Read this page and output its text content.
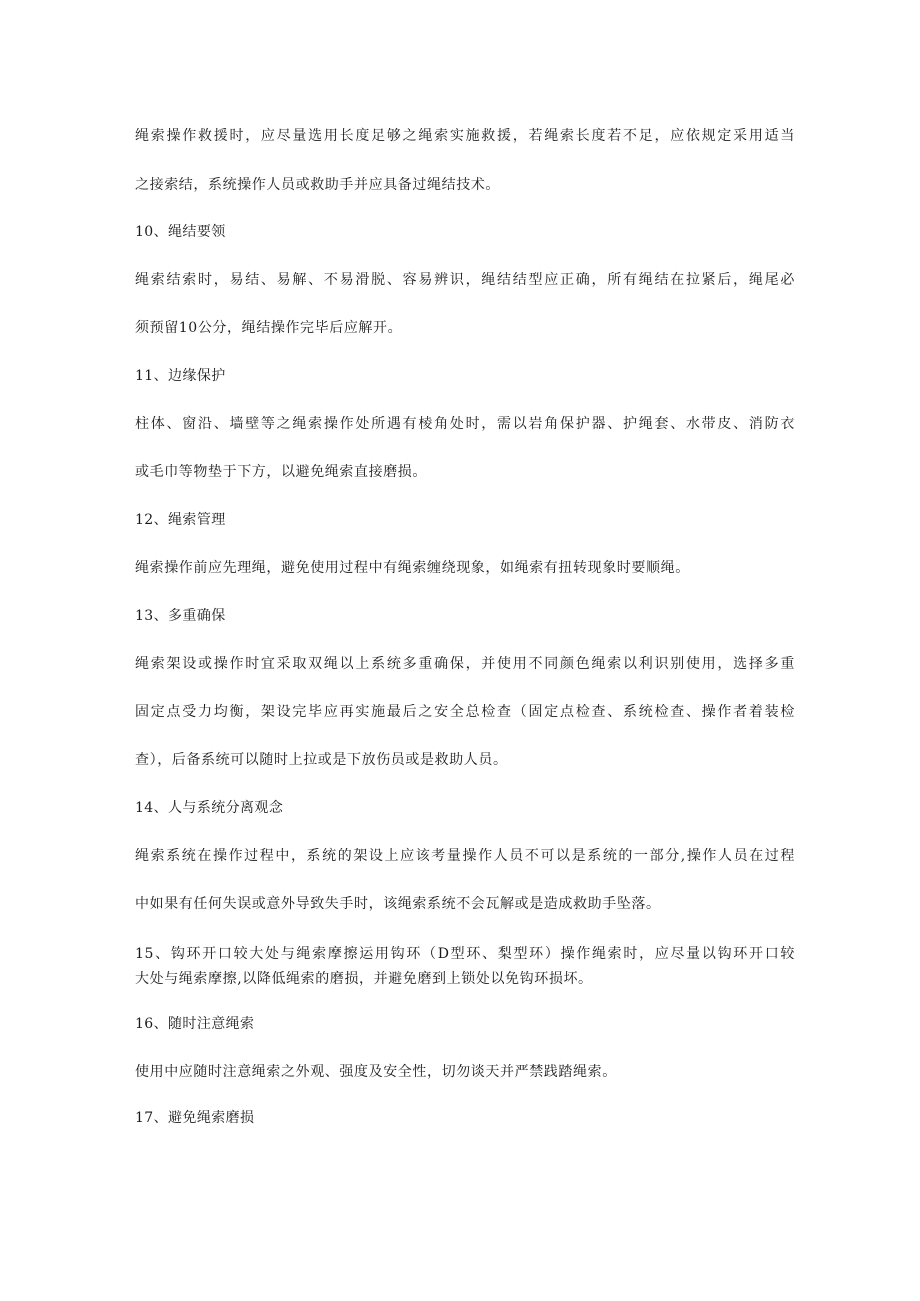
绳索操作救援时，应尽量选用长度足够之绳索实施救援，若绳索长度若不足，应依规定采用适当
之接索结，系统操作人员或救助手并应具备过绳结技术。
10、绳结要领
绳索结索时，易结、易解、不易滑脱、容易辨识，绳结结型应正确，所有绳结在拉紧后，绳尾必
须预留10公分，绳结操作完毕后应解开。
11、边缘保护
柱体、窗沿、墙壁等之绳索操作处所遇有棱角处时，需以岩角保护器、护绳套、水带皮、消防衣
或毛巾等物垫于下方，以避免绳索直接磨损。
12、绳索管理
绳索操作前应先理绳，避免使用过程中有绳索缠绕现象，如绳索有扭转现象时要顺绳。
13、多重确保
绳索架设或操作时宜采取双绳以上系统多重确保，并使用不同颜色绳索以利识别使用，选择多重
固定点受力均衡，架设完毕应再实施最后之安全总检查（固定点检查、系统检查、操作者着装检
查），后备系统可以随时上拉或是下放伤员或是救助人员。
14、人与系统分离观念
绳索系统在操作过程中，系统的架设上应该考量操作人员不可以是系统的一部分,操作人员在过程
中如果有任何失误或意外导致失手时，该绳索系统不会瓦解或是造成救助手坠落。
15、钩环开口较大处与绳索摩擦运用钩环（D型环、梨型环）操作绳索时，应尽量以钩环开口较
大处与绳索摩擦,以降低绳索的磨损，并避免磨到上锁处以免钩环损坏。
16、随时注意绳索
使用中应随时注意绳索之外观、强度及安全性，切勿谈天并严禁践踏绳索。
17、避免绳索磨损
